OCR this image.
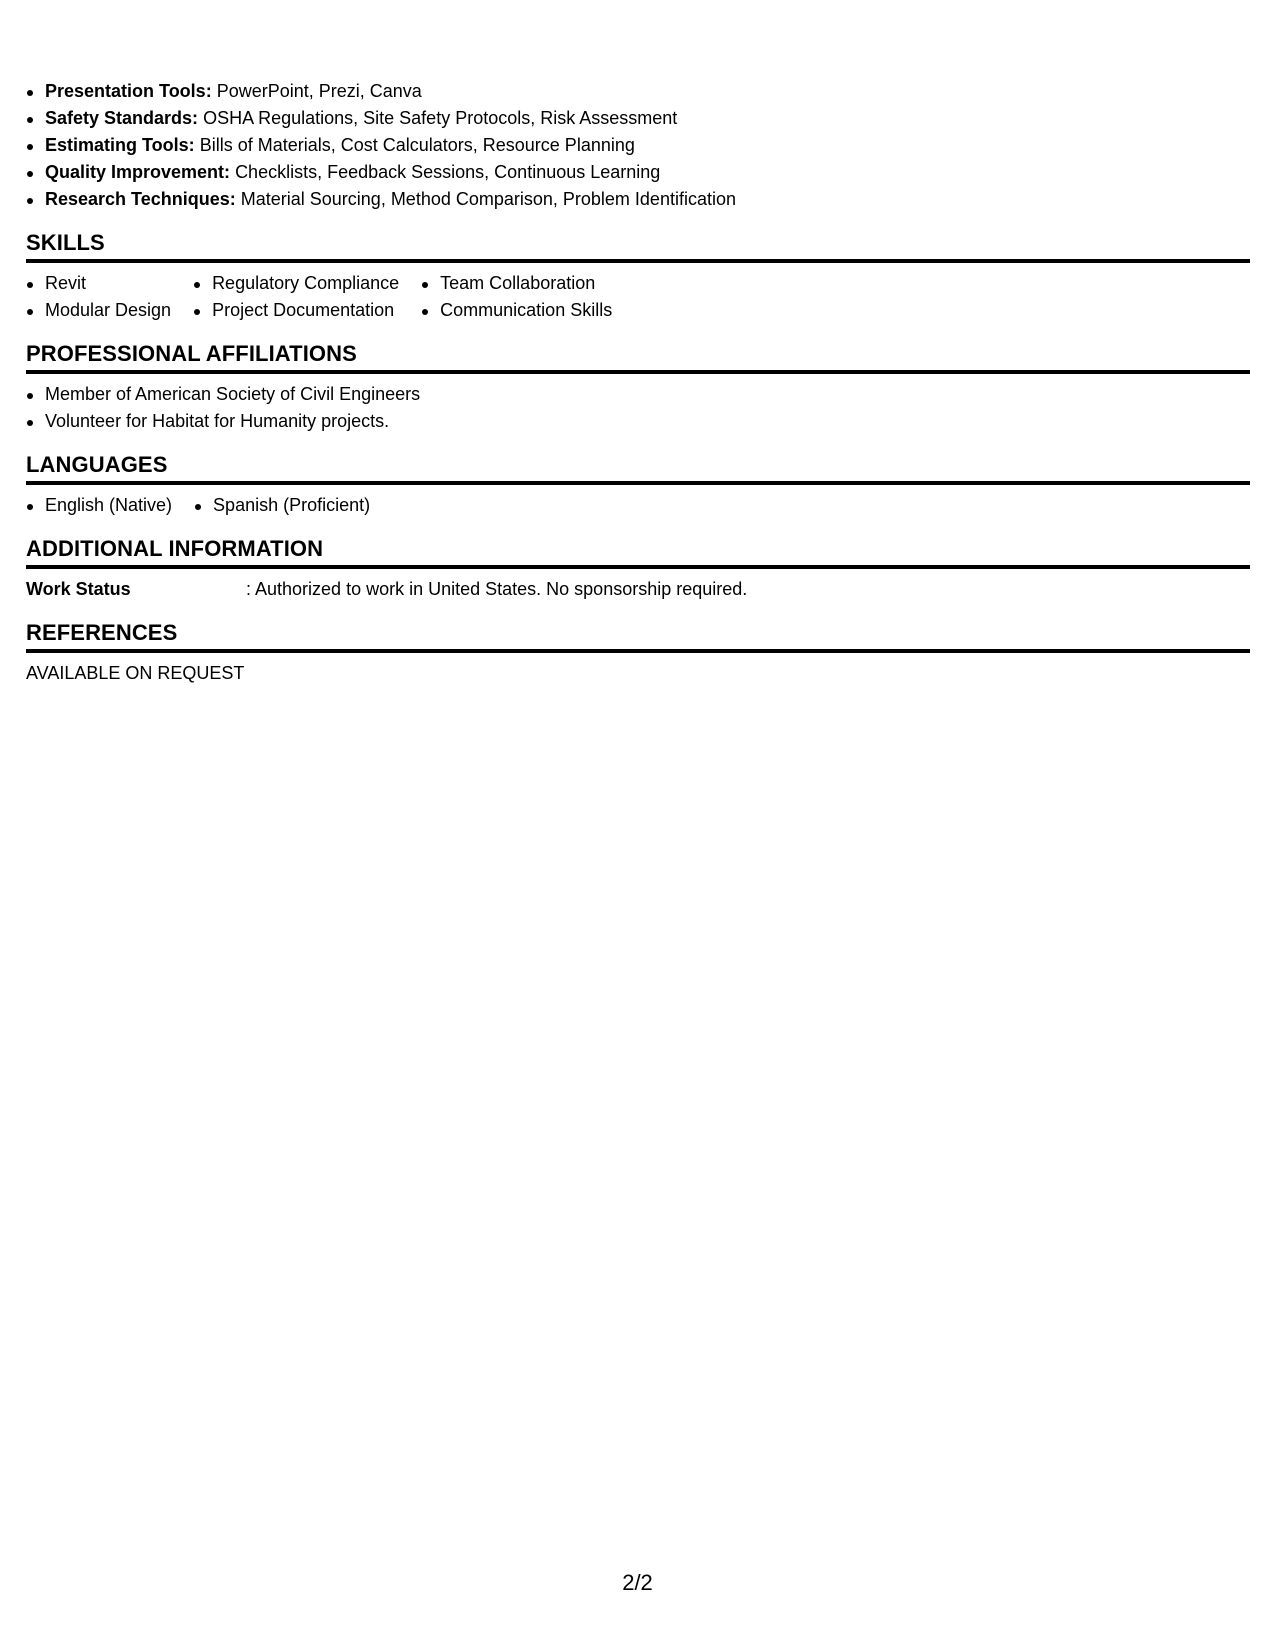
Presentation Tools: PowerPoint, Prezi, Canva
Safety Standards: OSHA Regulations, Site Safety Protocols, Risk Assessment
Estimating Tools: Bills of Materials, Cost Calculators, Resource Planning
Quality Improvement: Checklists, Feedback Sessions, Continuous Learning
Research Techniques: Material Sourcing, Method Comparison, Problem Identification
SKILLS
Revit
Modular Design
Regulatory Compliance
Project Documentation
Team Collaboration
Communication Skills
PROFESSIONAL AFFILIATIONS
Member of American Society of Civil Engineers
Volunteer for Habitat for Humanity projects.
LANGUAGES
English (Native)	Spanish (Proficient)
ADDITIONAL INFORMATION
Work Status	: Authorized to work in United States. No sponsorship required.
REFERENCES
AVAILABLE ON REQUEST
2/2
